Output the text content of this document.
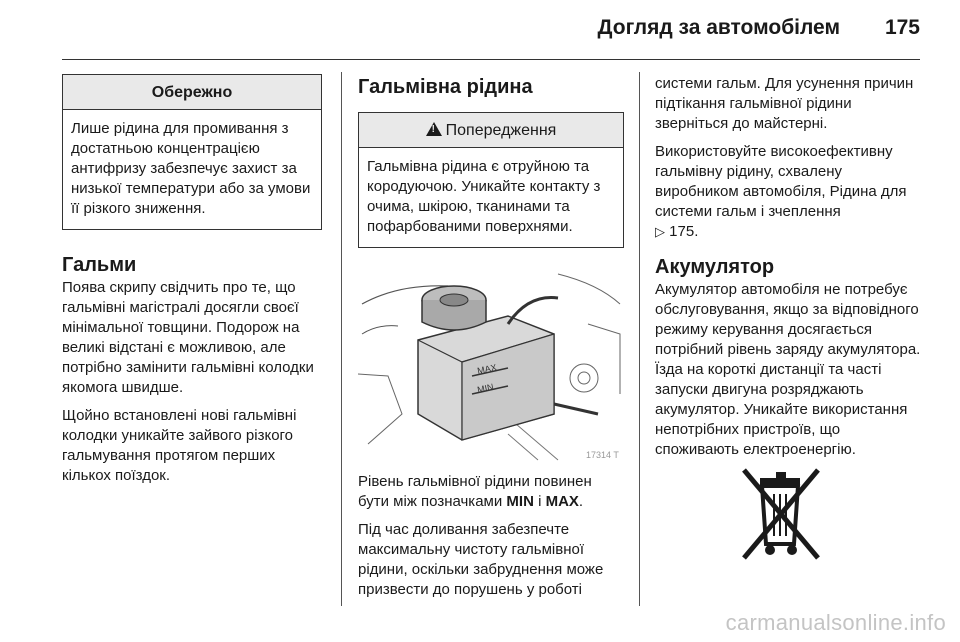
Догляд за автомобілем 175
Обережно
Лише рідина для промивання з достатньою концентрацією антифризу забезпечує захист за низької температури або за умови її різкого зниження.
Гальми

Поява скрипу свідчить про те, що гальмівні магістралі досягли своєї мінімальної товщини. Подорож на великі відстані є можливою, але потрібно замінити гальмівні колодки якомога швидше.

Щойно встановлені нові гальмівні колодки уникайте зайвого різкого гальмування протягом перших кількох поїздок.

Гальмівна рідина
!Попередження
Гальмівна рідина є отруйною та кородуючою. Уникайте контакту з очима, шкірою, тканинами та пофарбованими поверхнями.
MAX
MIN
17314 T

Рівень гальмівної рідини повинен бути між позначками MIN і MAX.

Під час доливання забезпечте максимальну чистоту гальмівної рідини, оскільки забруднення може призвести до порушень у роботі

системи гальм. Для усунення причин підтікання гальмівної рідини зверніться до майстерні.

Використовуйте високоефективну гальмівну рідину, схвалену виробником автомобіля, Рідина для системи гальм і зчеплення
▷ 175.

Акумулятор

Акумулятор автомобіля не потребує обслуговування, якщо за відповідного режиму керування досягається потрібний рівень заряду акумулятора. Їзда на короткі дистанції та часті запуски двигуна розряджають акумулятор. Уникайте використання непотрібних пристроїв, що споживають електроенергію.

carmanualsonline.info
